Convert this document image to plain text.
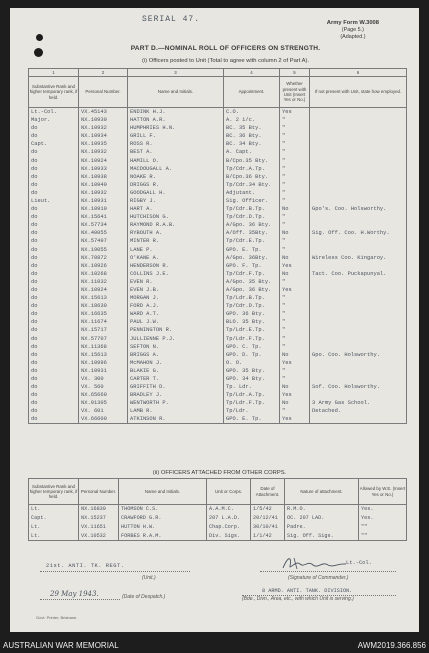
SERIAL 47.	Army Form W.3008
(Page 5.)
(Adapted.)
PART D.—NOMINAL ROLL OF OFFICERS ON STRENGTH.
(i) Officers posted to Unit (Total to agree with column 2 of Part A).
1	2	3	4	5	6
Substantive Rank and higher temporary rank, if held.	Personal Number.	Name and Initials.	Appointment.	Whether present with Unit (Insert Yes or No.)	If not present with Unit, state how employed.
Lt.-Col.	VX.45143	ENDINK H.J.	C.O.	Yes	
Major.	NX.10930	HATTON A.R.	A. 2 i/c.	"	
do	NX.10932	HUMPHRIES H.N.	BC. 35 Bty.	"	
do	NX.10934	GRILL F.	BC. 36 Bty.	"	
Capt.	NX.10935	ROSS R.	BC. 34 Bty.	"	
do	NX.10932	BEST A.	A. Capt.	"	
do	NX.10924	HAMILL O.	B/Cpo.35 Bty.	"	
do	NX.10933	MACDOUGALL A.	Tp/Cdr.A.Tp.	"	
do	NX.10938	NOAKE R.	B/Cpo.36 Bty.	"	
do	NX.10940	DRIGGS R.	Tp/Cdr.34 Bty.	"	
do	NX.10932	GOODGALL H.	Adjutant.	"	
Lieut.	NX.10931	RIGBY J.	Sig. Officer.	"	
do	NX.10910	HART A.	Tp/Cdr.B.Tp.	No	Gpo's. Coo. Holsworthy.
do	NX.15641	HUTCHISON G.	Tp/Cdr.D.Tp.	"	
do	NX.57734	RAYMOND R.A.B.	A/Gpo. 36 Bty.	"	
do	NX.40055	RYBOUTH A.	A/Off. 35Bty.	No	Sig. Off. Coo. H.Worthy.
do	NX.57497	MINTER R.	Tp/Cdr.E.Tp.	"	
do	NX.19055	LANE P.	GPO. E. Tp.	"	
do	NX.70872	O'KANE A.	A/Gpo. 36Bty.	No	Wireless Coo. Kingaroy.
do	NX.10926	HENDERSON R.	GPO. F. Tp.	Yes	
do	NX.10268	COLLINS J.E.	Tp/Cdr.F.Tp.	No	Tact. Coo. Puckapunyal.
do	NX.11032	EVEN R.	A/Gpo. 35 Bty.	"	
do	NX.10924	EVEN J.B.	A/Gpo. 36 Bty.	Yes	
do	NX.15613	MORGAN J.	Tp/Ldr.B.Tp.	"	
do	NX.18630	FORD A.J.	Tp/Cdr.D.Tp.	"	
do	NX.16635	WARD A.T.	GPO. 36 Bty.	"	
do	NX.11674	PAUL J.W.	BLO. 35 Bty.	"	
do	NX.15717	PENNINGTON R.	Tp/Ldr.E.Tp.	"	
do	NX.57707	JULLIENNE P.J.	Tp/Ldr.F.Tp.	"	
do	NX.11368	SEFTON N.	GPO. C. Tp.	"	
do	NX.15613	BRIGGS A.	GPO. D. Tp.	No	Gpo. Coo. Holsworthy.
do	NX.10996	McMAHON J.	O. O.	Yes	
do	NX.10931	BLAKIE G.	GPO. 35 Bty.	"	
do	VX. 300	CARTER T.	GPO. 34 Bty.	"	
do	VX. 560	GRIFFITH D.	Tp. Ldr.	No	Sof. Coo. Holsworthy.
do	NX.65660	BRADLEY J.	Tp/Ldr.A.Tp.	Yes	
do	NX.91305	WENTWORTH P.	Tp/Ldr.F.Tp.	No	3 Army Gas School.
do	VX. 601	LAMB R.	Tp/Ldr.	"	Detached.
do	VX.66600	ATKINSON R.	GPO. E. Tp.	Yes	
(ii) OFFICERS ATTACHED FROM OTHER CORPS.
Substantive Rank and higher temporary rank, if held.	Personal Number.	Name and Initials.	Unit or Corps.	Date of Attachment.	Nature of attachment.	Allowed by W.E. (Insert Yes or No.)
Lt.	NX.16830	THOMSON C.S.	A.A.M.C.	1/5/42	R.M.O.	Yes.
Capt.	NX.15237	CRAWFORD G.R.	207 L.A.D.	20/12/41	OC. 207 LAD.	Yes.
Lt.	VX.11651	HUTTON H.W.	Chap.Corp.	30/10/41	Padre.	""
Lt.	VX.10532	FORBES R.A.M.	Div. Sigs.	1/1/42	Sig. Off. Sigs.	""
21st. ANTI. TK. REGT.
(Unit.)
Lt.-Col.
(Signature of Commander.)
29 May 1943.	(Date of Despatch.)
8 ARMD. ANTI. TANK. DIVISION.
(Bde., Divn., Area, etc., with which Unit is serving.)
Govt. Printer, Brisbane.
AUSTRALIAN WAR MEMORIAL	AWM2019.366.856
